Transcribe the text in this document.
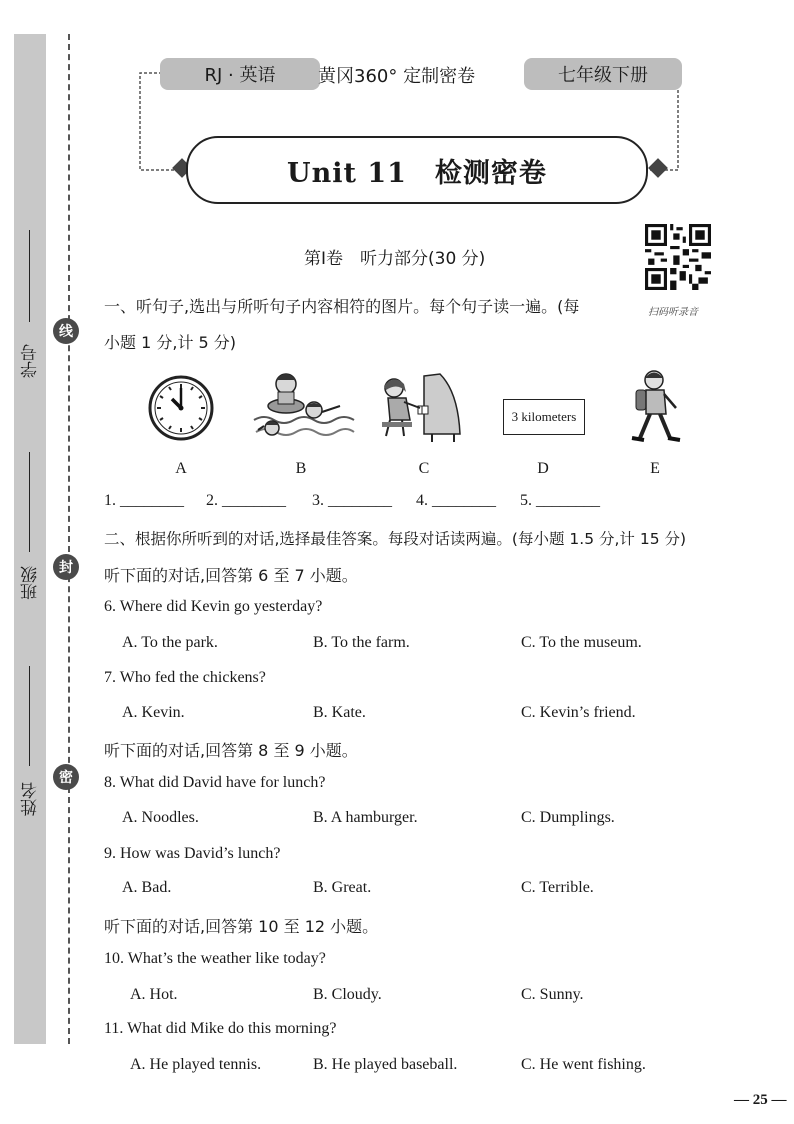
学号
班级
姓名
线
封
密
RJ · 英语	黄冈360° 定制密卷	七年级下册
Unit 11　检测密卷
扫码听录音
第Ⅰ卷　听力部分(30 分)
一、听句子,选出与所听句子内容相符的图片。每个句子读一遍。(每
小题 1 分,计 5 分)
A	B	C
3 kilometers
D	E
1. ________ 2. ________ 3. ________ 4. ________ 5. ________
二、根据你所听到的对话,选择最佳答案。每段对话读两遍。(每小题 1.5 分,计 15 分)
听下面的对话,回答第 6 至 7 小题。
6. Where did Kevin go yesterday?
A. To the park.	B. To the farm.	C. To the museum.
7. Who fed the chickens?
A. Kevin.	B. Kate.	C. Kevin’s friend.
听下面的对话,回答第 8 至 9 小题。
8. What did David have for lunch?
A. Noodles.	B. A hamburger.	C. Dumplings.
9. How was David’s lunch?
A. Bad.	B. Great.	C. Terrible.
听下面的对话,回答第 10 至 12 小题。
10. What’s the weather like today?
A. Hot.	B. Cloudy.	C. Sunny.
11. What did Mike do this morning?
A. He played tennis.	B. He played baseball.	C. He went fishing.
— 25 —
